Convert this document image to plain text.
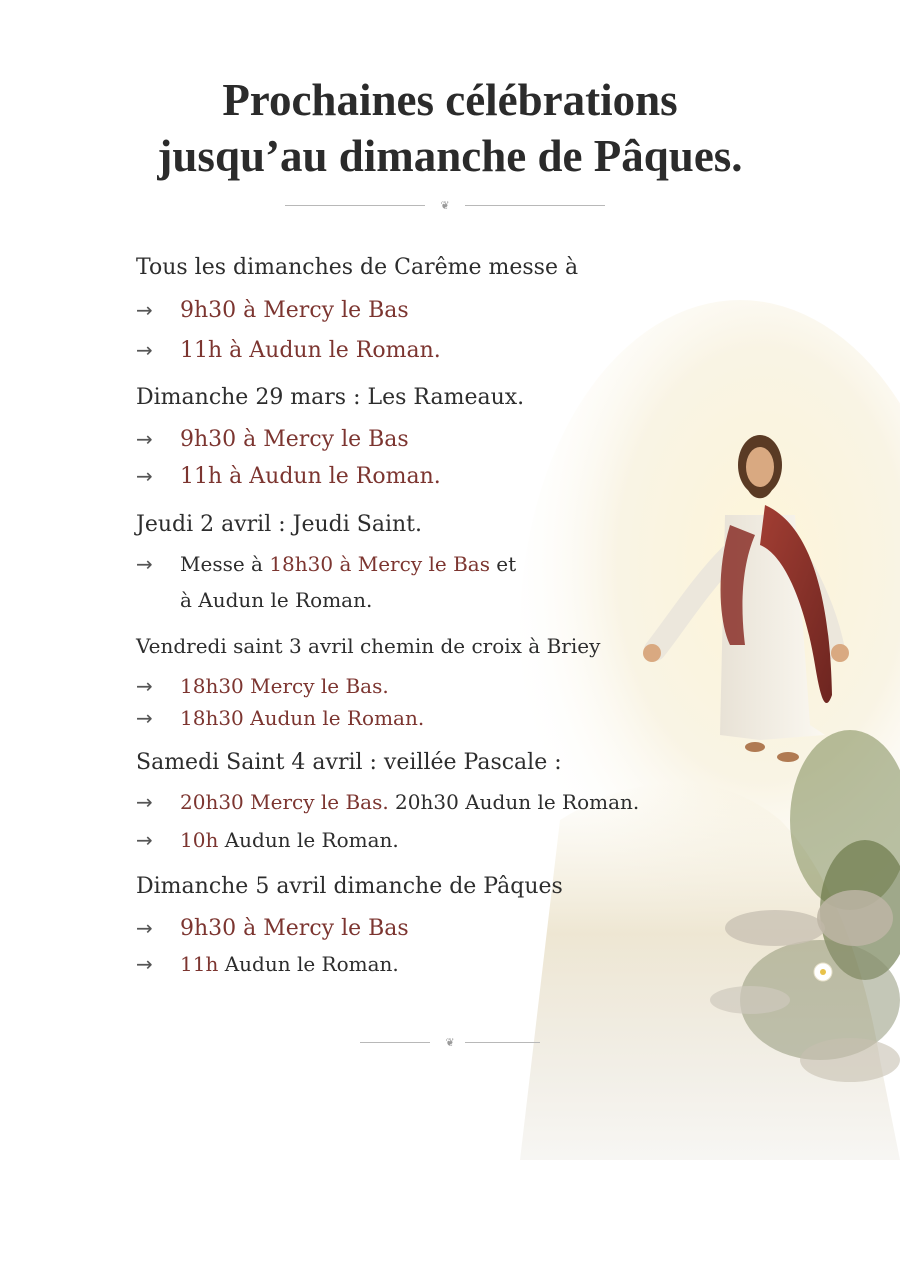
Prochaines célébrations
jusqu’au dimanche de Pâques.
❦
Tous les dimanches de Carême messe à
→ 9h30 à Mercy le Bas
→ 11h à Audun le Roman.
Dimanche 29 mars : Les Rameaux.
→ 9h30 à Mercy le Bas
→ 11h à Audun le Roman.
Jeudi 2 avril : Jeudi Saint.
→ Messe à 18h30 à Mercy le Bas et
à Audun le Roman.
Vendredi saint 3 avril chemin de croix à Briey
→ 18h30 Mercy le Bas.
→ 18h30 Audun le Roman.
Samedi Saint 4 avril : veillée Pascale :
→ 20h30 Mercy le Bas. 20h30 Audun le Roman.
→ 10h Audun le Roman.
Dimanche 5 avril dimanche de Pâques
→ 9h30 à Mercy le Bas
→ 11h Audun le Roman.
❦
